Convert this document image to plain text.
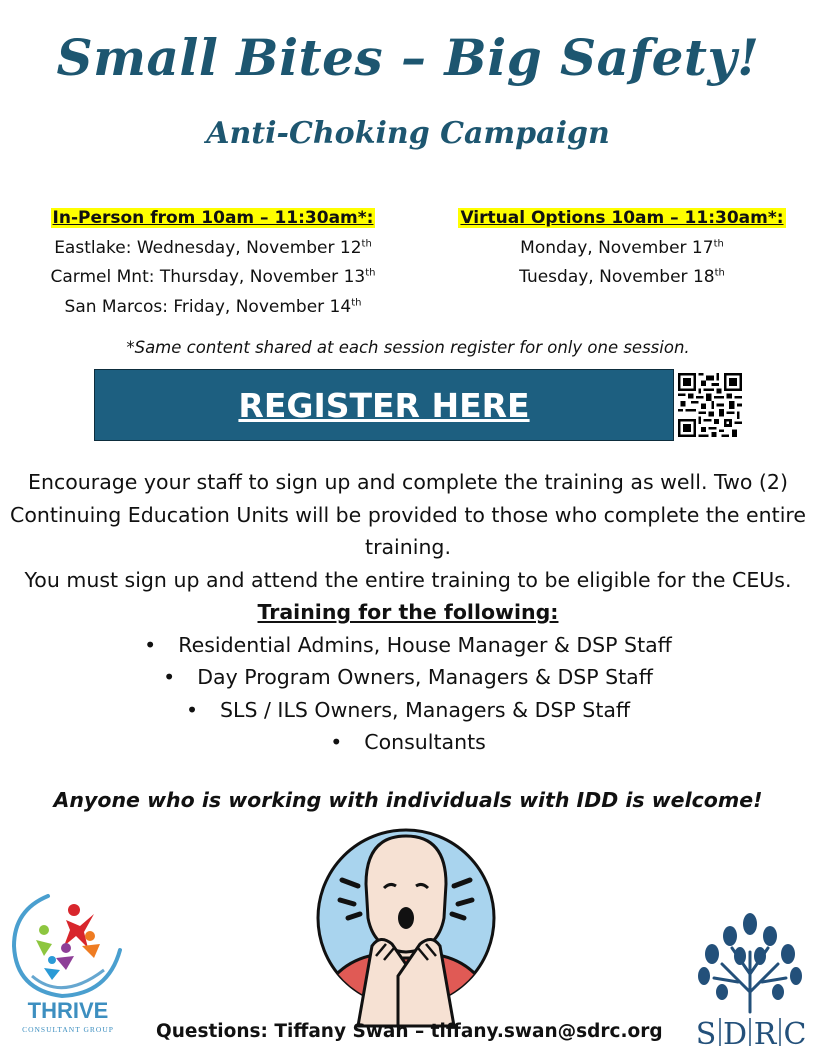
Small Bites – Big Safety!
Anti-Choking Campaign
In-Person from 10am – 11:30am*:
Eastlake: Wednesday, November 12th
Carmel Mnt: Thursday, November 13th
San Marcos: Friday, November 14th
Virtual Options 10am – 11:30am*:
Monday, November 17th
Tuesday, November 18th
*Same content shared at each session register for only one session.
REGISTER HERE
Encourage your staff to sign up and complete the training as well. Two (2) Continuing Education Units will be provided to those who complete the entire training.
You must sign up and attend the entire training to be eligible for the CEUs.
Training for the following:
• Residential Admins, House Manager & DSP Staff
• Day Program Owners, Managers & DSP Staff
• SLS / ILS Owners, Managers & DSP Staff
• Consultants
Anyone who is working with individuals with IDD is welcome!
THRIVE
CONSULTANT GROUP	S D R C
Questions: Tiffany Swan – tiffany.swan@sdrc.org
